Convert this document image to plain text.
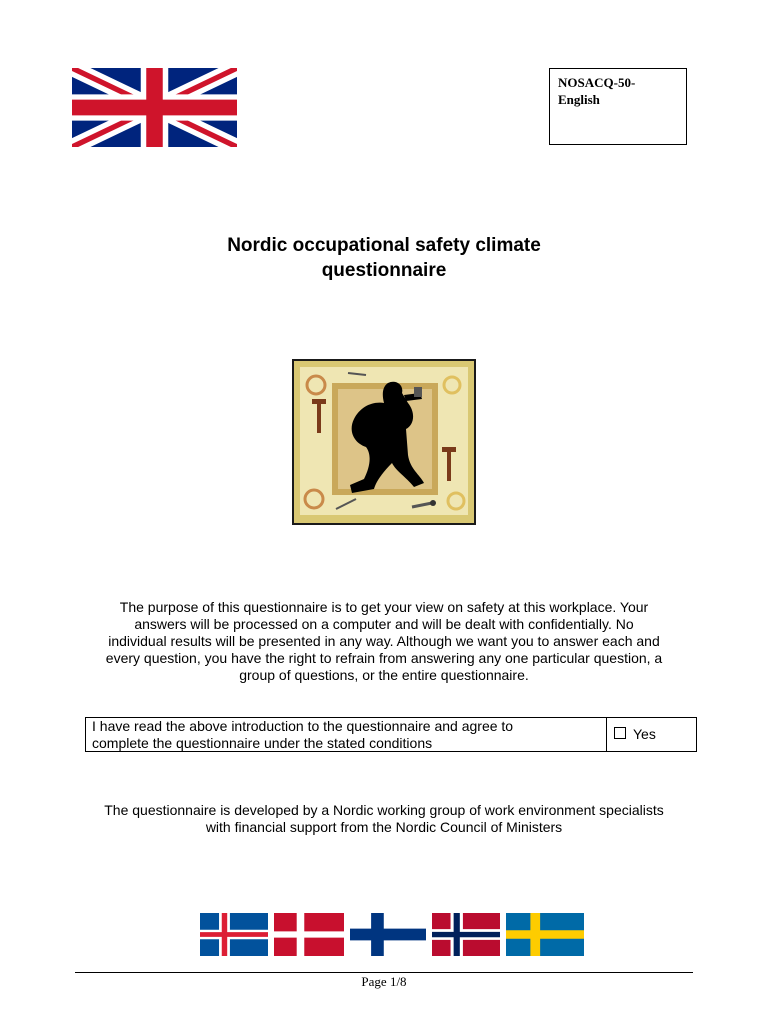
NOSACQ-50-
English
Nordic occupational safety climate
questionnaire
The purpose of this questionnaire is to get your view on safety at this workplace. Your
answers will be processed on a computer and will be dealt with confidentially. No
individual results will be presented in any way. Although we want you to answer each and
every question, you have the right to refrain from answering any one particular question, a
group of questions, or the entire questionnaire.
I have read the above introduction to the questionnaire and agree to
complete the questionnaire under the stated conditions
Yes
The questionnaire is developed by a Nordic working group of work environment specialists
with financial support from the Nordic Council of Ministers
Page 1/8
